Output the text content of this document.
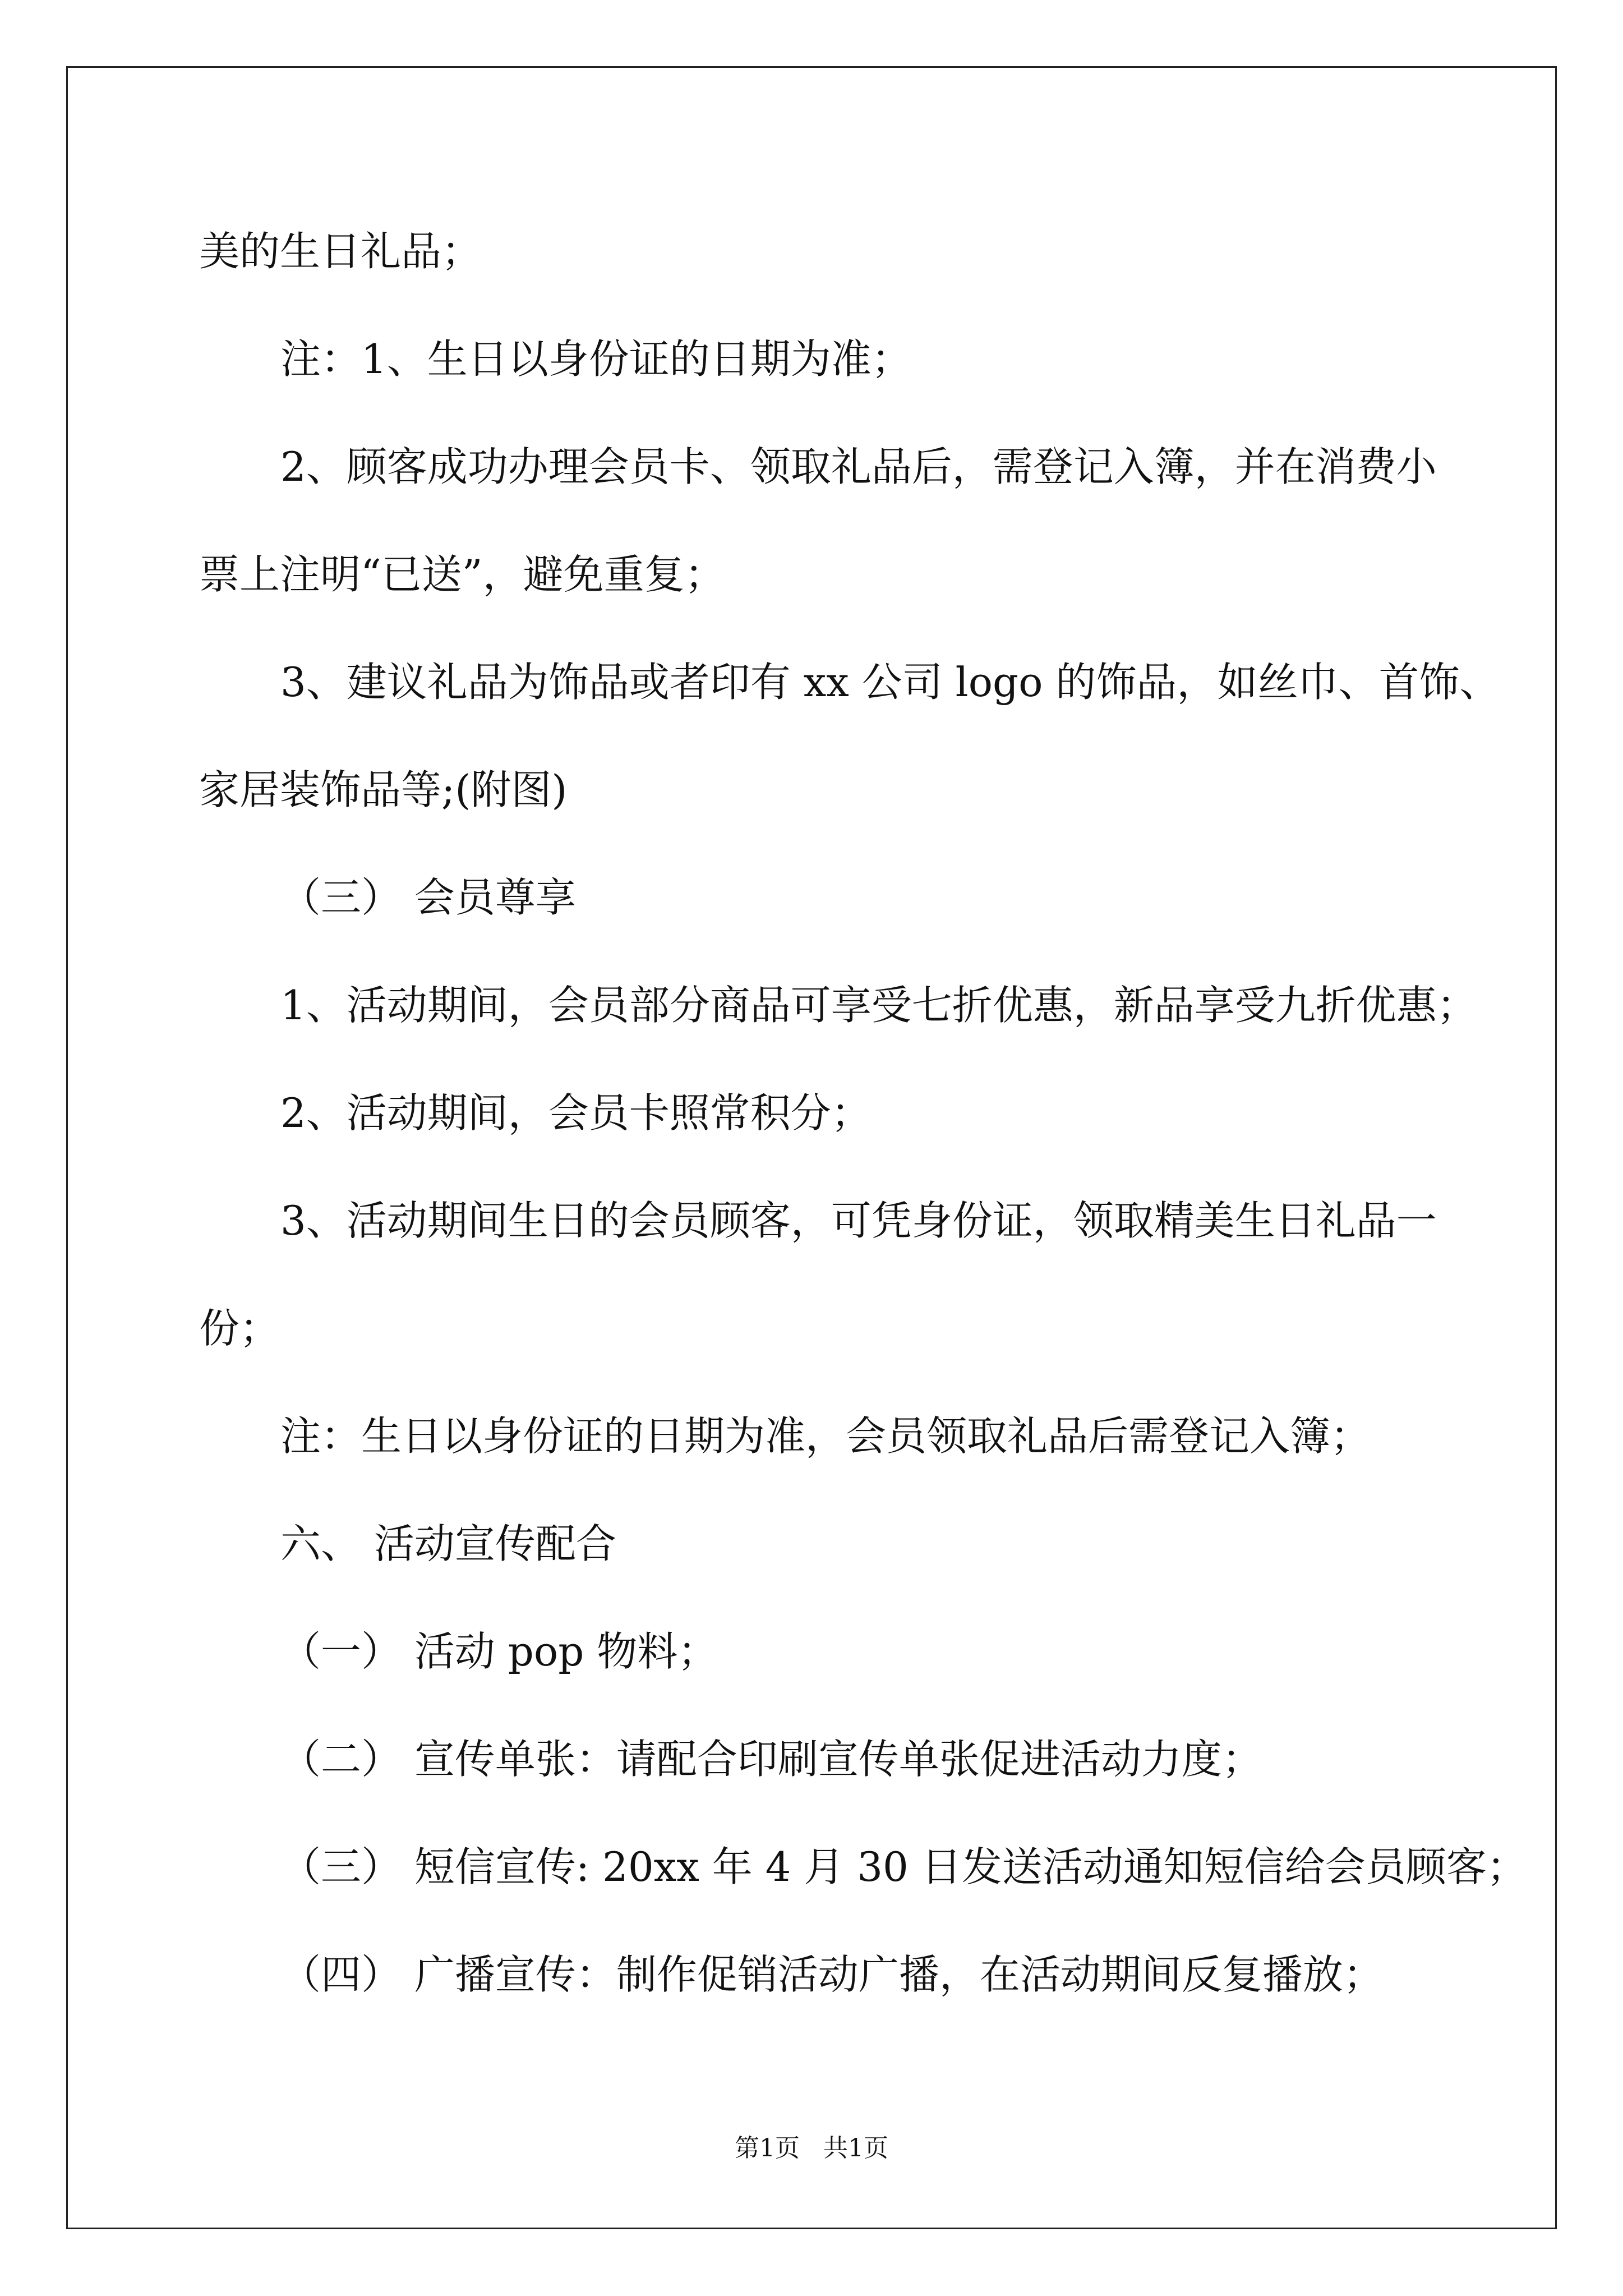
美的生日礼品；
注：1、生日以身份证的日期为准；
2、顾客成功办理会员卡、领取礼品后，需登记入簿，并在消费小
票上注明“已送”，避免重复；
3、建议礼品为饰品或者印有 xx 公司 logo 的饰品，如丝巾、首饰、
家居装饰品等;(附图)
（三） 会员尊享
1、活动期间，会员部分商品可享受七折优惠，新品享受九折优惠；
2、活动期间，会员卡照常积分；
3、活动期间生日的会员顾客，可凭身份证，领取精美生日礼品一
份；
注：生日以身份证的日期为准，会员领取礼品后需登记入簿；
六、 活动宣传配合
（一） 活动 pop 物料；
（二） 宣传单张：请配合印刷宣传单张促进活动力度；
（三） 短信宣传: 20xx 年 4 月 30 日发送活动通知短信给会员顾客；
（四） 广播宣传：制作促销活动广播，在活动期间反复播放；
第1页 共1页
